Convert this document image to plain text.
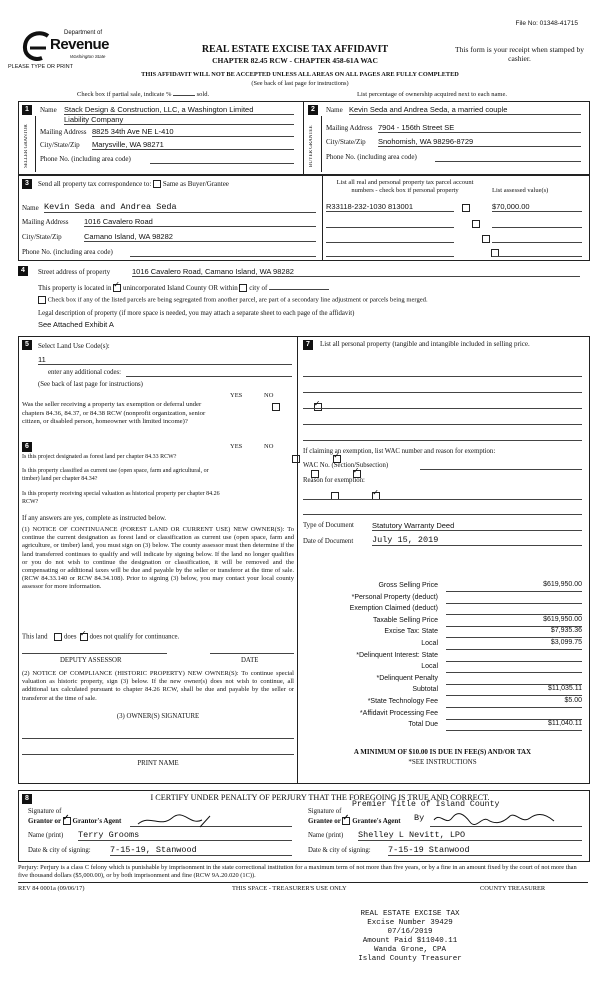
File No: 01348-41715
Department of
Revenue
Washington State
PLEASE TYPE OR PRINT
REAL ESTATE EXCISE TAX AFFIDAVIT
CHAPTER 82.45 RCW - CHAPTER 458-61A WAC
This form is your receipt when stamped by cashier.
THIS AFFIDAVIT WILL NOT BE ACCEPTED UNLESS ALL AREAS ON ALL PAGES ARE FULLY COMPLETED
(See back of last page for instructions)
Check box if partial sale, indicate %	sold.	List percentage of ownership acquired next to each name.
1
SELLER GRANTOR
Name Stack Design & Construction, LLC, a Washington Limited
Liability Company
Mailing Address 8825 34th Ave NE L-410
City/State/Zip Marysville, WA 98271
Phone No. (including area code)
2
BUYER GRANTEE
Name Kevin Seda and Andrea Seda, a married couple
Mailing Address 7904 - 156th Street SE
City/State/Zip Snohomish, WA 98296-8729
Phone No. (including area code)
3	Send all property tax correspondence to: Same as Buyer/Grantee
Name Kevin Seda and Andrea Seda
Mailing Address 1016 Cavalero Road
City/State/Zip	Camano Island, WA 98282
Phone No. (including area code)
List all real and personal property tax parcel account numbers - check box if personal property	List assessed value(s)
R33118-232-1030 813001
	$70,000.00

4	Street address of property	1016 Cavalero Road, Camano Island, WA 98282
This property is located in ✓ unincorporated Island County OR within city of
Check box if any of the listed parcels are being segregated from another parcel, are part of a secondary line adjustment or parcels being merged.
Legal description of property (if more space is needed, you may attach a separate sheet to each page of the affidavit)
See Attached Exhibit A
5	Select Land Use Code(s):
11
enter any additional codes:
(See back of last page for instructions)
YES	NO
Was the seller receiving a property tax exemption or deferral under chapters 84.36, 84.37, or 84.38 RCW (nonprofit organization, senior citizen, or disabled person, homeowner with limited income)?
✓
6	YES	NO
Is this project designated as forest land per chapter 84.33 RCW?
✓
Is this property classified as current use (open space, farm and agricultural, or timber) land per chapter 84.34?
✓
Is this property receiving special valuation as historical property per chapter 84.26 RCW?
✓
If any answers are yes, complete as instructed below.
(1) NOTICE OF CONTINUANCE (FOREST LAND OR CURRENT USE) NEW OWNER(S): To continue the current designation as forest land or classification as current use (open space, farm and agriculture, or timber) land, you must sign on (3) below. The county assessor must then determine if the land transferred continues to qualify and will indicate by signing below. If the land no longer qualifies or you do not wish to continue the designation or classification, it will be removed and the compensating or additional taxes will be due and payable by the seller or transferor at the time of sale. (RCW 84.33.140 or RCW 84.34.108). Prior to signing (3) below, you may contact your local county assessor for more information.
This land does ✓ does not qualify for continuance.
DEPUTY ASSESSOR	DATE
(2) NOTICE OF COMPLIANCE (HISTORIC PROPERTY) NEW OWNER(S): To continue special valuation as historic property, sign (3) below. If the new owner(s) does not wish to continue, all additional tax calculated pursuant to chapter 84.26 RCW, shall be due and payable by the seller or transferor at the time of sale.
(3) OWNER(S) SIGNATURE
PRINT NAME
7	List all personal property (tangible and intangible included in selling price.
If claiming an exemption, list WAC number and reason for exemption:
WAC No. (Section/Subsection)
Reason for exemption:
Type of Document Statutory Warranty Deed
Date of Document July 15, 2019
Gross Selling Price	$619,950.00
*Personal Property (deduct)
Exemption Claimed (deduct)
Taxable Selling Price	$619,950.00
Excise Tax: State	$7,935.36
Local	$3,099.75
*Delinquent Interest: State
Local
*Delinquent Penalty
Subtotal	$11,035.11
*State Technology Fee	$5.00
*Affidavit Processing Fee
Total Due	$11,040.11
A MINIMUM OF $10.00 IS DUE IN FEE(S) AND/OR TAX
*SEE INSTRUCTIONS
8	I CERTIFY UNDER PENALTY OF PERJURY THAT THE FOREGOING IS TRUE AND CORRECT.
Signature of
Grantor or ✓ Grantor's Agent
Name (print) Terry Grooms
Date & city of signing: 7-15-19, Stanwood
Signature of
Premier Title of Island County
Grantee or ✓ Grantee's Agent By
Name (print) Shelley L Nevitt, LPO
Date & city of signing: 7-15-19 Stanwood
Perjury: Perjury is a class C felony which is punishable by imprisonment in the state correctional institution for a maximum term of not more than five years, or by a fine in an amount fixed by the court of not more than five thousand dollars ($5,000.00), or by both imprisonment and fine (RCW 9A.20.020 (1C)).
REV 84 0001a (09/06/17)	THIS SPACE - TREASURER'S USE ONLY	COUNTY TREASURER
REAL ESTATE EXCISE TAX
Excise Number 39429
07/16/2019
Amount Paid $11040.11
Wanda Grone, CPA
Island County Treasurer
